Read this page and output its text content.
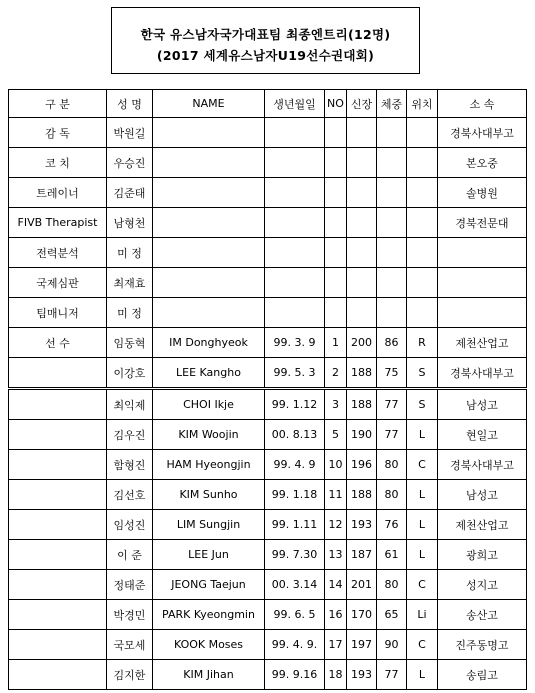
한국 유스남자국가대표팀 최종엔트리(12명)
(2017 세계유스남자U19선수권대회)
구 분	성 명	NAME	생년월일	NO	신장	체중	위치	소 속
감 독	박원길							경북사대부고
코 치	우승진							본오중
트레이너	김준태							솔병원
FIVB Therapist	남형천							경북전문대
전력분석	미 정							
국제심판	최재효							
팀매니저	미 정							
선 수	임동혁	IM Donghyeok	99. 3. 9	1	200	86	R	제천산업고
	이강호	LEE Kangho	99. 5. 3	2	188	75	S	경북사대부고
	최익제	CHOI Ikje	99. 1.12	3	188	77	S	남성고
	김우진	KIM Woojin	00. 8.13	5	190	77	L	현일고
	함형진	HAM Hyeongjin	99. 4. 9	10	196	80	C	경북사대부고
	김선호	KIM Sunho	99. 1.18	11	188	80	L	남성고
	임성진	LIM Sungjin	99. 1.11	12	193	76	L	제천산업고
	이 준	LEE Jun	99. 7.30	13	187	61	L	광희고
	정태준	JEONG Taejun	00. 3.14	14	201	80	C	성지고
	박경민	PARK Kyeongmin	99. 6. 5	16	170	65	Li	송산고
	국모세	KOOK Moses	99. 4. 9.	17	197	90	C	진주동명고
	김지한	KIM Jihan	99. 9.16	18	193	77	L	송림고
